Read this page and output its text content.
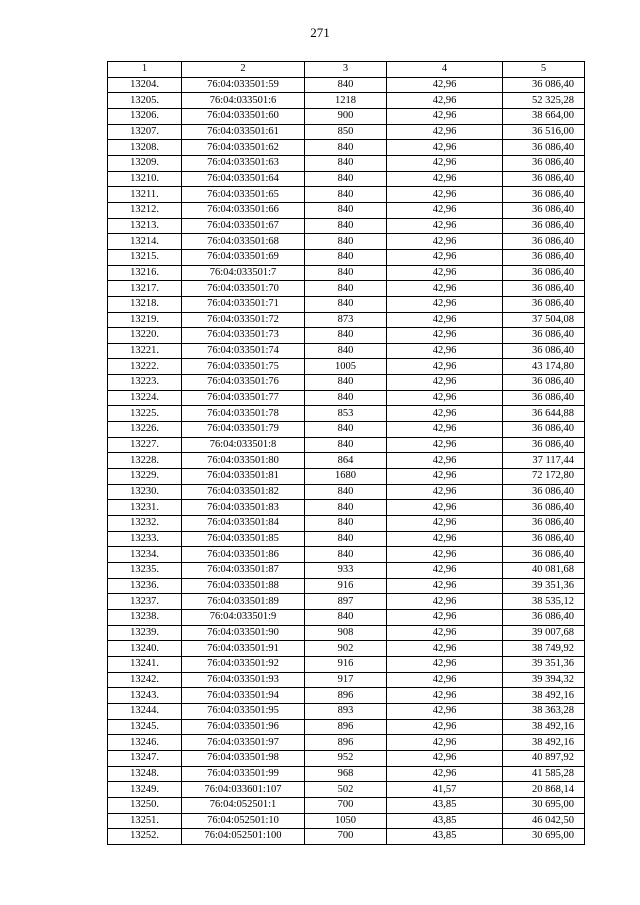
271
1	2	3	4	5
13204.	76:04:033501:59	840	42,96	36 086,40
13205.	76:04:033501:6	1218	42,96	52 325,28
13206.	76:04:033501:60	900	42,96	38 664,00
13207.	76:04:033501:61	850	42,96	36 516,00
13208.	76:04:033501:62	840	42,96	36 086,40
13209.	76:04:033501:63	840	42,96	36 086,40
13210.	76:04:033501:64	840	42,96	36 086,40
13211.	76:04:033501:65	840	42,96	36 086,40
13212.	76:04:033501:66	840	42,96	36 086,40
13213.	76:04:033501:67	840	42,96	36 086,40
13214.	76:04:033501:68	840	42,96	36 086,40
13215.	76:04:033501:69	840	42,96	36 086,40
13216.	76:04:033501:7	840	42,96	36 086,40
13217.	76:04:033501:70	840	42,96	36 086,40
13218.	76:04:033501:71	840	42,96	36 086,40
13219.	76:04:033501:72	873	42,96	37 504,08
13220.	76:04:033501:73	840	42,96	36 086,40
13221.	76:04:033501:74	840	42,96	36 086,40
13222.	76:04:033501:75	1005	42,96	43 174,80
13223.	76:04:033501:76	840	42,96	36 086,40
13224.	76:04:033501:77	840	42,96	36 086,40
13225.	76:04:033501:78	853	42,96	36 644,88
13226.	76:04:033501:79	840	42,96	36 086,40
13227.	76:04:033501:8	840	42,96	36 086,40
13228.	76:04:033501:80	864	42,96	37 117,44
13229.	76:04:033501:81	1680	42,96	72 172,80
13230.	76:04:033501:82	840	42,96	36 086,40
13231.	76:04:033501:83	840	42,96	36 086,40
13232.	76:04:033501:84	840	42,96	36 086,40
13233.	76:04:033501:85	840	42,96	36 086,40
13234.	76:04:033501:86	840	42,96	36 086,40
13235.	76:04:033501:87	933	42,96	40 081,68
13236.	76:04:033501:88	916	42,96	39 351,36
13237.	76:04:033501:89	897	42,96	38 535,12
13238.	76:04:033501:9	840	42,96	36 086,40
13239.	76:04:033501:90	908	42,96	39 007,68
13240.	76:04:033501:91	902	42,96	38 749,92
13241.	76:04:033501:92	916	42,96	39 351,36
13242.	76:04:033501:93	917	42,96	39 394,32
13243.	76:04:033501:94	896	42,96	38 492,16
13244.	76:04:033501:95	893	42,96	38 363,28
13245.	76:04:033501:96	896	42,96	38 492,16
13246.	76:04:033501:97	896	42,96	38 492,16
13247.	76:04:033501:98	952	42,96	40 897,92
13248.	76:04:033501:99	968	42,96	41 585,28
13249.	76:04:033601:107	502	41,57	20 868,14
13250.	76:04:052501:1	700	43,85	30 695,00
13251.	76:04:052501:10	1050	43,85	46 042,50
13252.	76:04:052501:100	700	43,85	30 695,00
